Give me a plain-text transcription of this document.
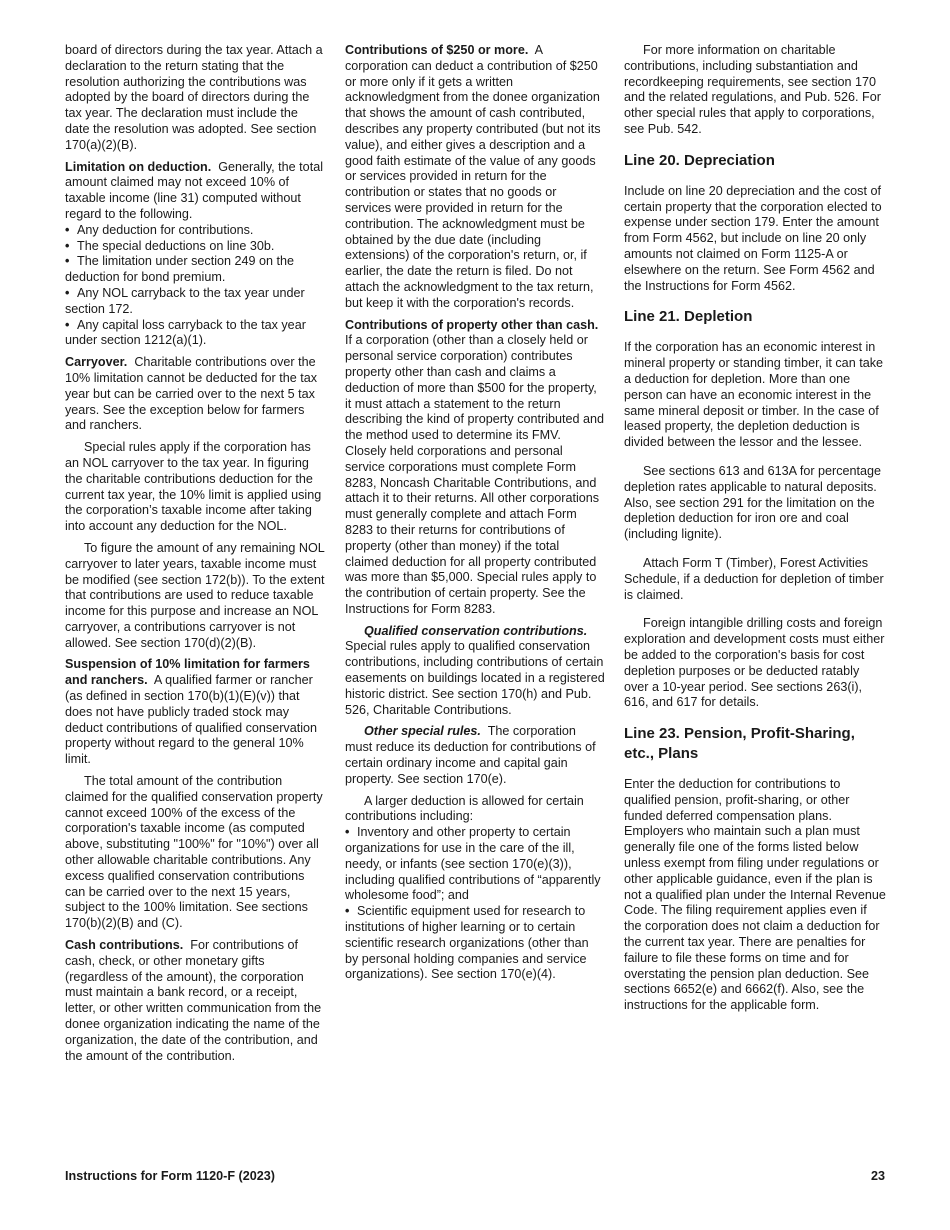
board of directors during the tax year. Attach a declaration to the return stating that the resolution authorizing the contributions was adopted by the board of directors during the tax year. The declaration must include the date the resolution was adopted. See section 170(a)(2)(B).

Limitation on deduction. Generally, the total amount claimed may not exceed 10% of taxable income (line 31) computed without regard to the following.

• Any deduction for contributions.

• The special deductions on line 30b.

• The limitation under section 249 on the deduction for bond premium.

• Any NOL carryback to the tax year under section 172.

• Any capital loss carryback to the tax year under section 1212(a)(1).

Carryover. Charitable contributions over the 10% limitation cannot be deducted for the tax year but can be carried over to the next 5 tax years. See the exception below for farmers and ranchers.

Special rules apply if the corporation has an NOL carryover to the tax year. In figuring the charitable contributions deduction for the current tax year, the 10% limit is applied using the corporation’s taxable income after taking into account any deduction for the NOL.

To figure the amount of any remaining NOL carryover to later years, taxable income must be modified (see section 172(b)). To the extent that contributions are used to reduce taxable income for this purpose and increase an NOL carryover, a contributions carryover is not allowed. See section 170(d)(2)(B).

Suspension of 10% limitation for farmers and ranchers. A qualified farmer or rancher (as defined in section 170(b)(1)(E)(v)) that does not have publicly traded stock may deduct contributions of qualified conservation property without regard to the general 10% limit.

The total amount of the contribution claimed for the qualified conservation property cannot exceed 100% of the excess of the corporation's taxable income (as computed above, substituting "100%" for "10%") over all other allowable charitable contributions. Any excess qualified conservation contributions can be carried over to the next 15 years, subject to the 100% limitation. See sections 170(b)(2)(B) and (C).

Cash contributions. For contributions of cash, check, or other monetary gifts (regardless of the amount), the corporation must maintain a bank record, or a receipt, letter, or other written communication from the donee organization indicating the name of the organization, the date of the contribution, and the amount of the contribution.

Contributions of $250 or more. A corporation can deduct a contribution of $250 or more only if it gets a written acknowledgment from the donee organization that shows the amount of cash contributed, describes any property contributed (but not its value), and either gives a description and a good faith estimate of the value of any goods or services provided in return for the contribution or states that no goods or services were provided in return for the contribution. The acknowledgment must be obtained by the due date (including extensions) of the corporation's return, or, if earlier, the date the return is filed. Do not attach the acknowledgment to the tax return, but keep it with the corporation's records.

Contributions of property other than cash.  If a corporation (other than a closely held or personal service corporation) contributes property other than cash and claims a deduction of more than $500 for the property, it must attach a statement to the return describing the kind of property contributed and the method used to determine its FMV. Closely held corporations and personal service corporations must complete Form 8283, Noncash Charitable Contributions, and attach it to their returns. All other corporations must generally complete and attach Form 8283 to their returns for contributions of property (other than money) if the total claimed deduction for all property contributed was more than $5,000. Special rules apply to the contribution of certain property. See the Instructions for Form 8283.

Qualified conservation contributions.  Special rules apply to qualified conservation contributions, including contributions of certain easements on buildings located in a registered historic district. See section 170(h) and Pub. 526, Charitable Contributions.

Other special rules. The corporation must reduce its deduction for contributions of certain ordinary income and capital gain property. See section 170(e).

A larger deduction is allowed for certain contributions including:

• Inventory and other property to certain organizations for use in the care of the ill, needy, or infants (see section 170(e)(3)), including qualified contributions of “apparently wholesome food”; and

• Scientific equipment used for research to institutions of higher learning or to certain scientific research organizations (other than by personal holding companies and service organizations). See section 170(e)(4).

For more information on charitable contributions, including substantiation and recordkeeping requirements, see section 170 and the related regulations, and Pub. 526. For other special rules that apply to corporations, see Pub. 542.

Line 20. Depreciation

Include on line 20 depreciation and the cost of certain property that the corporation elected to expense under section 179. Enter the amount from Form 4562, but include on line 20 only amounts not claimed on Form 1125-A or elsewhere on the return. See Form 4562 and the Instructions for Form 4562.

Line 21. Depletion

If the corporation has an economic interest in mineral property or standing timber, it can take a deduction for depletion. More than one person can have an economic interest in the same mineral deposit or timber. In the case of leased property, the depletion deduction is divided between the lessor and the lessee.

See sections 613 and 613A for percentage depletion rates applicable to natural deposits. Also, see section 291 for the limitation on the depletion deduction for iron ore and coal (including lignite).

Attach Form T (Timber), Forest Activities Schedule, if a deduction for depletion of timber is claimed.

Foreign intangible drilling costs and foreign exploration and development costs must either be added to the corporation's basis for cost depletion purposes or be deducted ratably over a 10-year period. See sections 263(i), 616, and 617 for details.

Line 23. Pension, Profit-Sharing, etc., Plans

Enter the deduction for contributions to qualified pension, profit-sharing, or other funded deferred compensation plans. Employers who maintain such a plan must generally file one of the forms listed below unless exempt from filing under regulations or other applicable guidance, even if the plan is not a qualified plan under the Internal Revenue Code. The filing requirement applies even if the corporation does not claim a deduction for the current tax year. There are penalties for failure to file these forms on time and for overstating the pension plan deduction. See sections 6652(e) and 6662(f). Also, see the instructions for the applicable form.

Instructions for Form 1120-F (2023)	23
